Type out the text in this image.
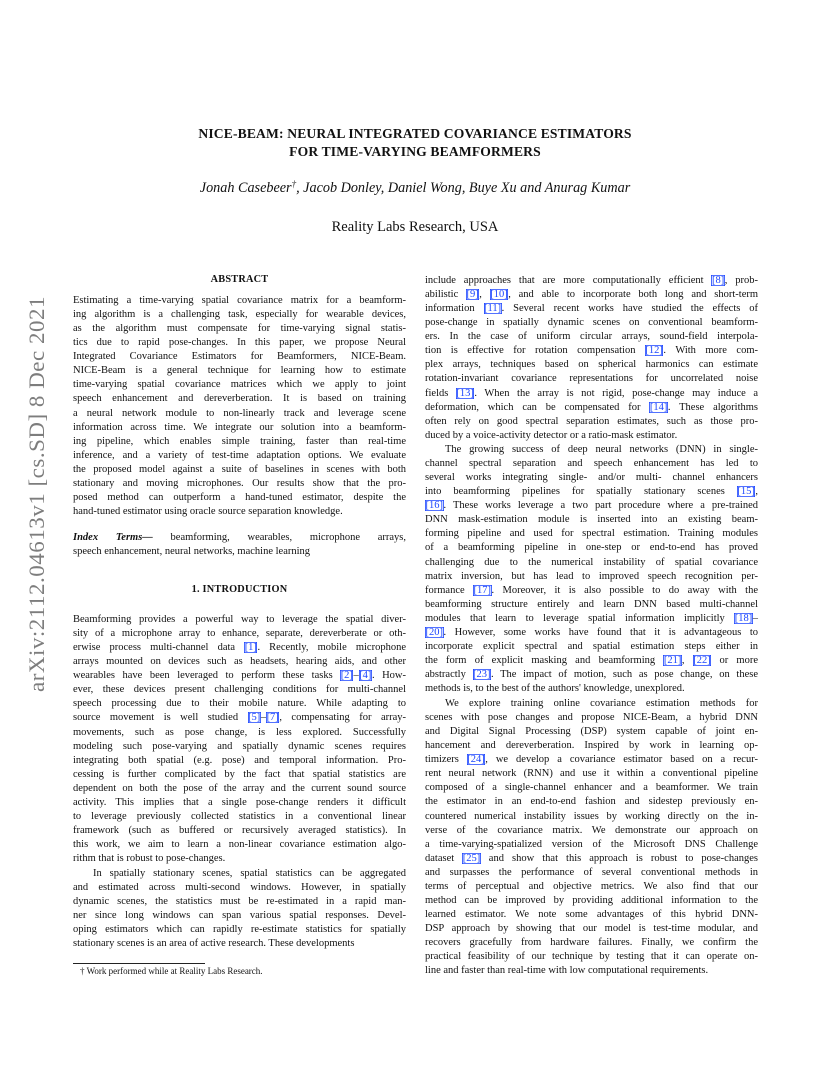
arXiv:2112.04613v1 [cs.SD] 8 Dec 2021
NICE-BEAM: NEURAL INTEGRATED COVARIANCE ESTIMATORS
FOR TIME-VARYING BEAMFORMERS
Jonah Casebeer†, Jacob Donley, Daniel Wong, Buye Xu and Anurag Kumar
Reality Labs Research, USA
ABSTRACT
Estimating a time-varying spatial covariance matrix for a beamform-
ing algorithm is a challenging task, especially for wearable devices,
as the algorithm must compensate for time-varying signal statis-
tics due to rapid pose-changes. In this paper, we propose Neural
Integrated Covariance Estimators for Beamformers, NICE-Beam.
NICE-Beam is a general technique for learning how to estimate
time-varying spatial covariance matrices which we apply to joint
speech enhancement and dereverberation. It is based on training
a neural network module to non-linearly track and leverage scene
information across time. We integrate our solution into a beamform-
ing pipeline, which enables simple training, faster than real-time
inference, and a variety of test-time adaptation options. We evaluate
the proposed model against a suite of baselines in scenes with both
stationary and moving microphones. Our results show that the pro-
posed method can outperform a hand-tuned estimator, despite the
hand-tuned estimator using oracle source separation knowledge.
Index Terms— beamforming, wearables, microphone arrays,
speech enhancement, neural networks, machine learning
1. INTRODUCTION
Beamforming provides a powerful way to leverage the spatial diver-
sity of a microphone array to enhance, separate, dereverberate or oth-
erwise process multi-channel data [1]. Recently, mobile microphone
arrays mounted on devices such as headsets, hearing aids, and other
wearables have been leveraged to perform these tasks [2]–[4]. How-
ever, these devices present challenging conditions for multi-channel
speech processing due to their mobile nature. While adapting to
source movement is well studied [5]–[7], compensating for array-
movements, such as pose change, is less explored. Successfully
modeling such pose-varying and spatially dynamic scenes requires
integrating both spatial (e.g. pose) and temporal information. Pro-
cessing is further complicated by the fact that spatial statistics are
dependent on both the pose of the array and the current sound source
activity. This implies that a single pose-change renders it difficult
to leverage previously collected statistics in a conventional linear
framework (such as buffered or recursively averaged statistics). In
this work, we aim to learn a non-linear covariance estimation algo-
rithm that is robust to pose-changes.
In spatially stationary scenes, spatial statistics can be aggregated
and estimated across multi-second windows. However, in spatially
dynamic scenes, the statistics must be re-estimated in a rapid man-
ner since long windows can span various spatial responses. Devel-
oping estimators which can rapidly re-estimate statistics for spatially
stationary scenes is an area of active research. These developments
include approaches that are more computationally efficient [8], prob-
abilistic [9], [10], and able to incorporate both long and short-term
information [11]. Several recent works have studied the effects of
pose-change in spatially dynamic scenes on conventional beamform-
ers. In the case of uniform circular arrays, sound-field interpola-
tion is effective for rotation compensation [12]. With more com-
plex arrays, techniques based on spherical harmonics can estimate
rotation-invariant covariance representations for uncorrelated noise
fields [13]. When the array is not rigid, pose-change may induce a
deformation, which can be compensated for [14]. These algorithms
often rely on good spectral separation estimates, such as those pro-
duced by a voice-activity detector or a ratio-mask estimator.
The growing success of deep neural networks (DNN) in single-
channel spectral separation and speech enhancement has led to
several works integrating single- and/or multi- channel enhancers
into beamforming pipelines for spatially stationary scenes [15],
[16]. These works leverage a two part procedure where a pre-trained
DNN mask-estimation module is inserted into an existing beam-
forming pipeline and used for spectral estimation. Training modules
of a beamforming pipeline in one-step or end-to-end has proved
challenging due to the numerical instability of spatial covariance
matrix inversion, but has lead to improved speech recognition per-
formance [17]. Moreover, it is also possible to do away with the
beamforming structure entirely and learn DNN based multi-channel
modules that learn to leverage spatial information implicitly [18]–
[20]. However, some works have found that it is advantageous to
incorporate explicit spectral and spatial estimation steps either in
the form of explicit masking and beamforming [21], [22] or more
abstractly [23]. The impact of motion, such as pose change, on these
methods is, to the best of the authors' knowledge, unexplored.
We explore training online covariance estimation methods for
scenes with pose changes and propose NICE-Beam, a hybrid DNN
and Digital Signal Processing (DSP) system capable of joint en-
hancement and dereverberation. Inspired by work in learning op-
timizers [24], we develop a covariance estimator based on a recur-
rent neural network (RNN) and use it within a conventional pipeline
composed of a single-channel enhancer and a beamformer. We train
the estimator in an end-to-end fashion and sidestep previously en-
countered numerical instability issues by working directly on the in-
verse of the covariance matrix. We demonstrate our approach on
a time-varying-spatialized version of the Microsoft DNS Challenge
dataset [25] and show that this approach is robust to pose-changes
and surpasses the performance of several conventional methods in
terms of perceptual and objective metrics. We also find that our
method can be improved by providing additional information to the
learned estimator. We note some advantages of this hybrid DNN-
DSP approach by showing that our model is test-time modular, and
recovers gracefully from hardware failures. Finally, we confirm the
practical feasibility of our technique by testing that it can operate on-
line and faster than real-time with low computational requirements.
† Work performed while at Reality Labs Research.
